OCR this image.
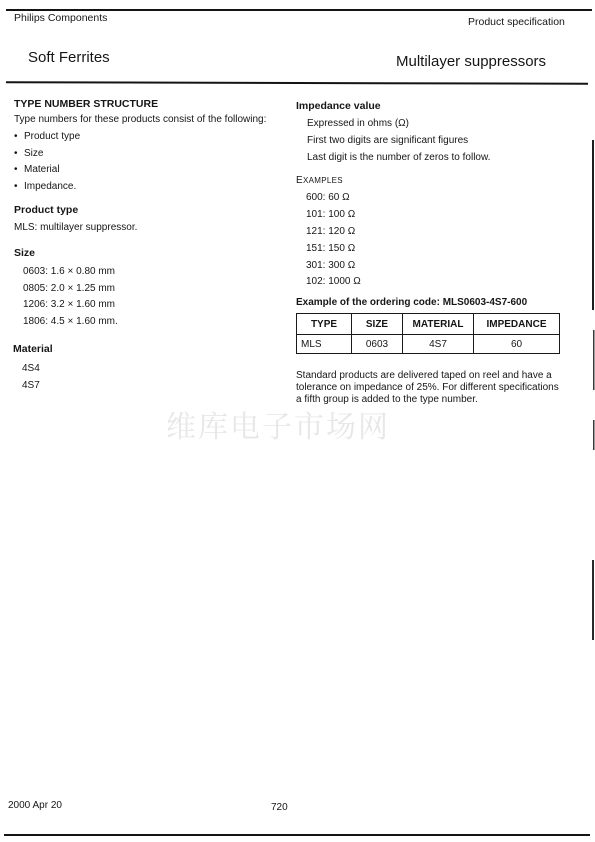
Philips Components	Product specification
Soft Ferrites	Multilayer suppressors
TYPE NUMBER STRUCTURE
Type numbers for these products consist of the following:
• Product type
• Size
• Material
• Impedance.
Product type
MLS: multilayer suppressor.
Size
0603: 1.6 × 0.80 mm
0805: 2.0 × 1.25 mm
1206: 3.2 × 1.60 mm
1806: 4.5 × 1.60 mm.
Material
4S4
4S7
Impedance value
Expressed in ohms (Ω)
First two digits are significant figures
Last digit is the number of zeros to follow.
EXAMPLES
600: 60 Ω
101: 100 Ω
121: 120 Ω
151: 150 Ω
301: 300 Ω
102: 1000 Ω
Example of the ordering code: MLS0603-4S7-600
TYPE	SIZE	MATERIAL	IMPEDANCE
MLS	0603	4S7	60
Standard products are delivered taped on reel and have a tolerance on impedance of 25%. For different specifications a fifth group is added to the type number.
维库电子市场网
2000 Apr 20	720
